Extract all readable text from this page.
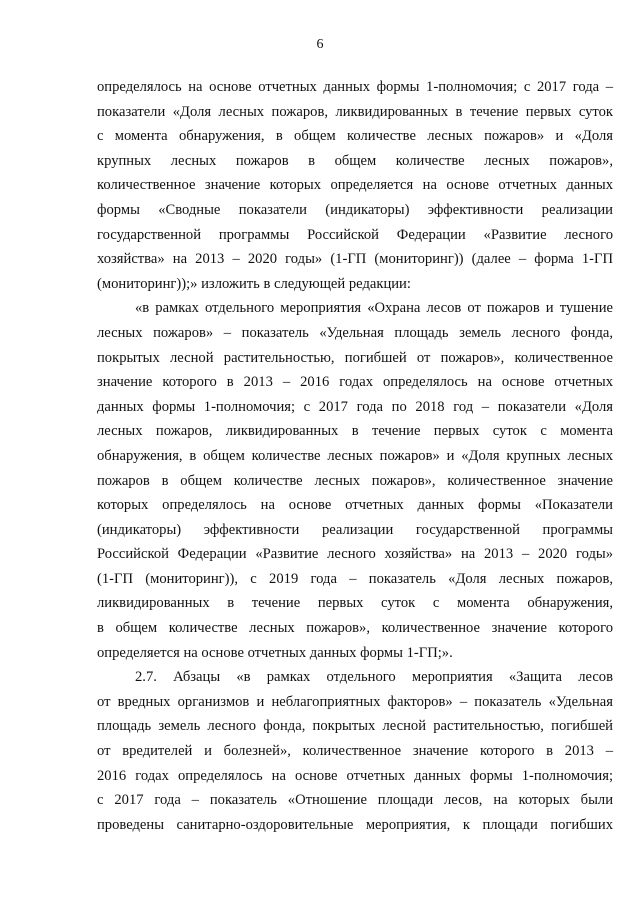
6
определялось на основе отчетных данных формы 1-полномочия; с 2017 года –
показатели «Доля лесных пожаров, ликвидированных в течение первых суток
с момента обнаружения, в общем количестве лесных пожаров» и «Доля
крупных лесных пожаров в общем количестве лесных пожаров»,
количественное значение которых определяется на основе отчетных данных
формы «Сводные показатели (индикаторы) эффективности реализации
государственной программы Российской Федерации «Развитие лесного
хозяйства» на 2013 – 2020 годы» (1-ГП (мониторинг)) (далее – форма 1-ГП
(мониторинг));» изложить в следующей редакции:
«в рамках отдельного мероприятия «Охрана лесов от пожаров и тушение
лесных пожаров» – показатель «Удельная площадь земель лесного фонда,
покрытых лесной растительностью, погибшей от пожаров», количественное
значение которого в 2013 – 2016 годах определялось на основе отчетных
данных формы 1-полномочия; с 2017 года по 2018 год – показатели «Доля
лесных пожаров, ликвидированных в течение первых суток с момента
обнаружения, в общем количестве лесных пожаров» и «Доля крупных лесных
пожаров в общем количестве лесных пожаров», количественное значение
которых определялось на основе отчетных данных формы «Показатели
(индикаторы) эффективности реализации государственной программы
Российской Федерации «Развитие лесного хозяйства» на 2013 – 2020 годы»
(1-ГП (мониторинг)), с 2019 года – показатель «Доля лесных пожаров,
ликвидированных в течение первых суток с момента обнаружения,
в общем количестве лесных пожаров», количественное значение которого
определяется на основе отчетных данных формы 1-ГП;».
2.7. Абзацы «в рамках отдельного мероприятия «Защита лесов
от вредных организмов и неблагоприятных факторов» – показатель «Удельная
площадь земель лесного фонда, покрытых лесной растительностью, погибшей
от вредителей и болезней», количественное значение которого в 2013 –
2016 годах определялось на основе отчетных данных формы 1-полномочия;
с 2017 года – показатель «Отношение площади лесов, на которых были
проведены санитарно-оздоровительные мероприятия, к площади погибших
